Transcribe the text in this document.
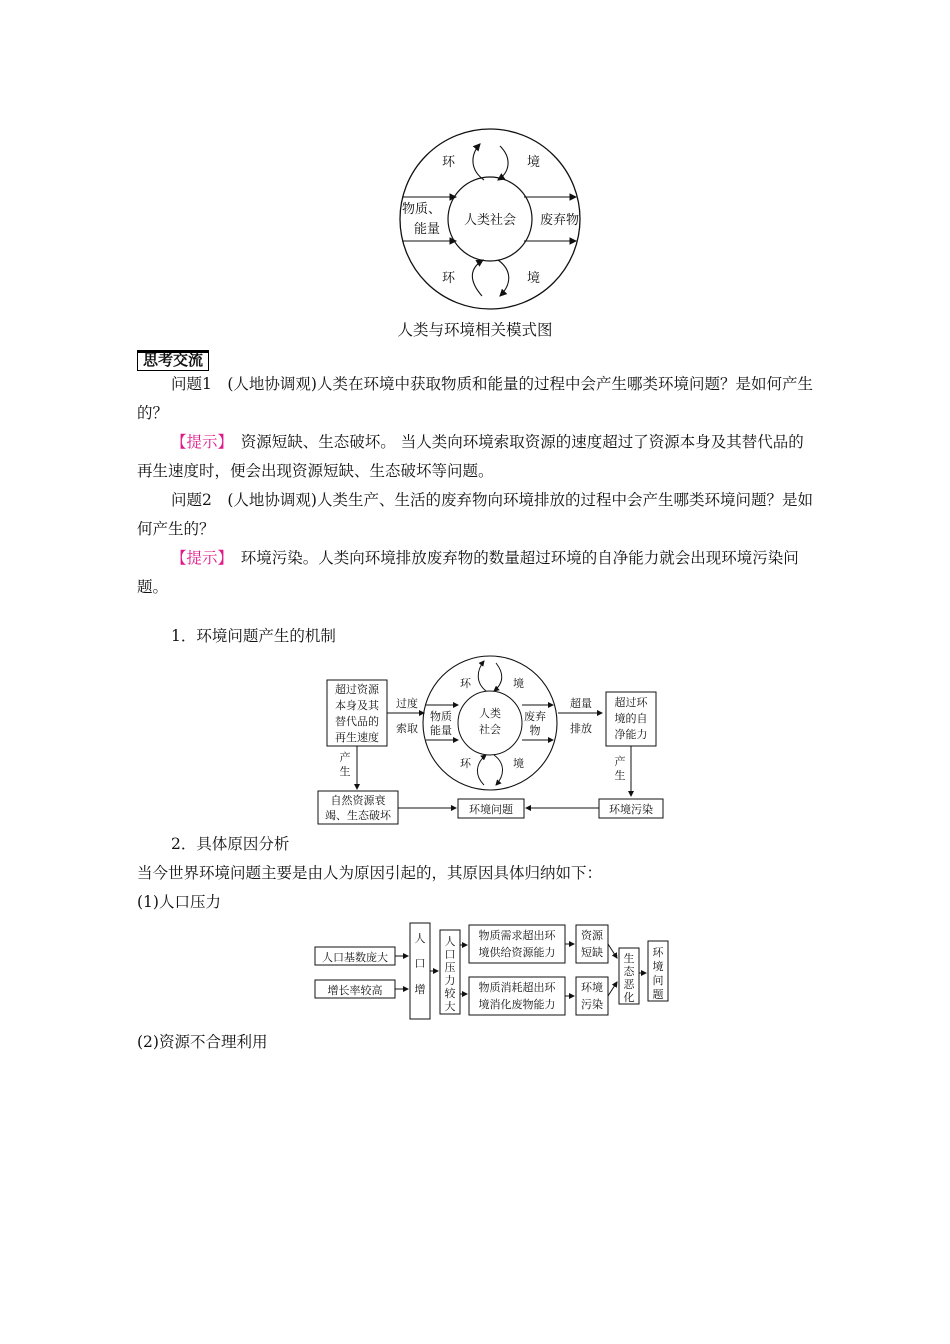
环	境
环	境
物质、
能量
人类社会 废弃物
人类与环境相关模式图
思考交流
问题1　(人地协调观)人类在环境中获取物质和能量的过程中会产生哪类环境问题？是如何产生的？
【提示】　资源短缺、生态破坏。 当人类向环境索取资源的速度超过了资源本身及其替代品的再生速度时，便会出现资源短缺、生态破坏等问题。
问题2　(人地协调观)人类生产、生活的废弃物向环境排放的过程中会产生哪类环境问题？是如何产生的？
【提示】　环境污染。人类向环境排放废弃物的数量超过环境的自净能力就会出现环境污染问题。
1．环境问题产生的机制
超过资源
本身及其
替代品的
再生速度
过度
索取
环	境
环	境
物质
能量
人类
社会
废弃
物
超量
排放
超过环
境的自
净能力
产
生
产
生
自然资源衰
竭、生态破坏	环境问题	环境污染
2．具体原因分析
当今世界环境问题主要是由人为原因引起的，其原因具体归纳如下：
(1)人口压力
人口基数庞大
增长率较高
人
口
增
人
口
压
力
较
大
物质需求超出环
境供给资源能力
物质消耗超出环
境消化废物能力
资源
短缺
环境
污染
生
态
恶
化
环
境
问
题
(2)资源不合理利用
